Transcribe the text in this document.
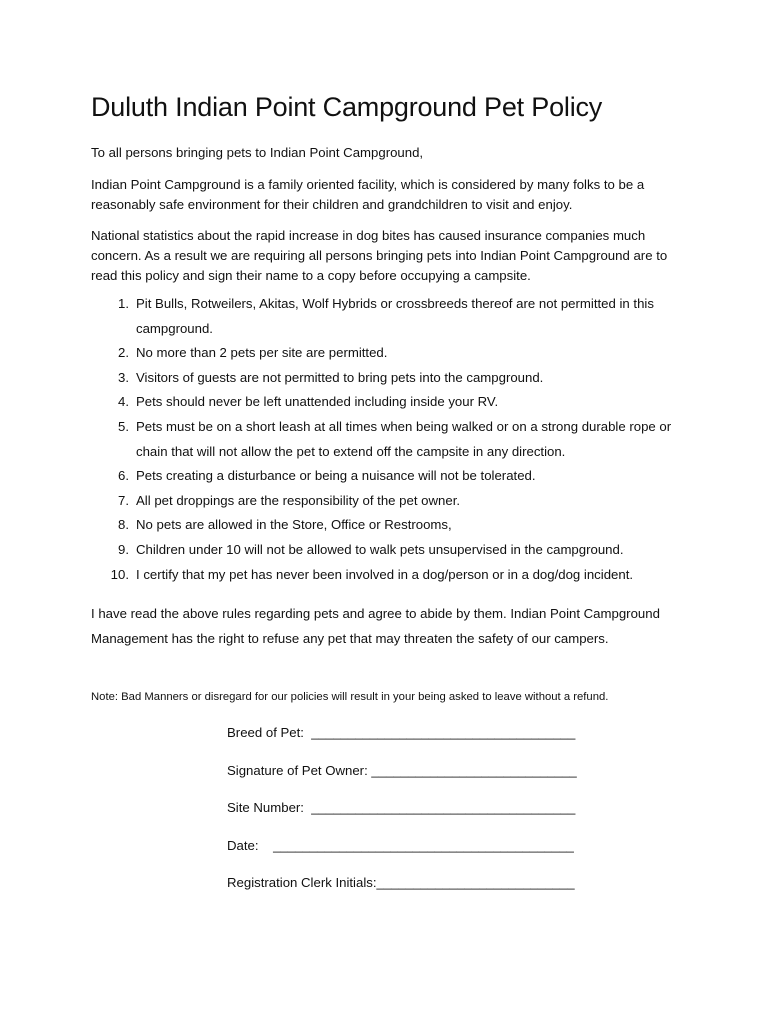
Duluth Indian Point Campground Pet Policy

To all persons bringing pets to Indian Point Campground,

Indian Point Campground is a family oriented facility, which is considered by many folks to be a reasonably safe environment for their children and grandchildren to visit and enjoy.

National statistics about the rapid increase in dog bites has caused insurance companies much concern. As a result we are requiring all persons bringing pets into Indian Point Campground are to read this policy and sign their name to a copy before occupying a campsite.

1. Pit Bulls, Rotweilers, Akitas, Wolf Hybrids or crossbreeds thereof are not permitted in this campground.
2. No more than 2 pets per site are permitted.
3. Visitors of guests are not permitted to bring pets into the campground.
4. Pets should never be left unattended including inside your RV.
5. Pets must be on a short leash at all times when being walked or on a strong durable rope or chain that will not allow the pet to extend off the campsite in any direction.
6. Pets creating a disturbance or being a nuisance will not be tolerated.
7. All pet droppings are the responsibility of the pet owner.
8. No pets are allowed in the Store, Office or Restrooms,
9. Children under 10 will not be allowed to walk pets unsupervised in the campground.
10. I certify that my pet has never been involved in a dog/person or in a dog/dog incident.

I have read the above rules regarding pets and agree to abide by them. Indian Point Campground Management has the right to refuse any pet that may threaten the safety of our campers.

Note: Bad Manners or disregard for our policies will result in your being asked to leave without a refund.

Breed of Pet:  ____________________________________
Signature of Pet Owner: ____________________________
Site Number:  ____________________________________
Date:    _________________________________________
Registration Clerk Initials:___________________________
